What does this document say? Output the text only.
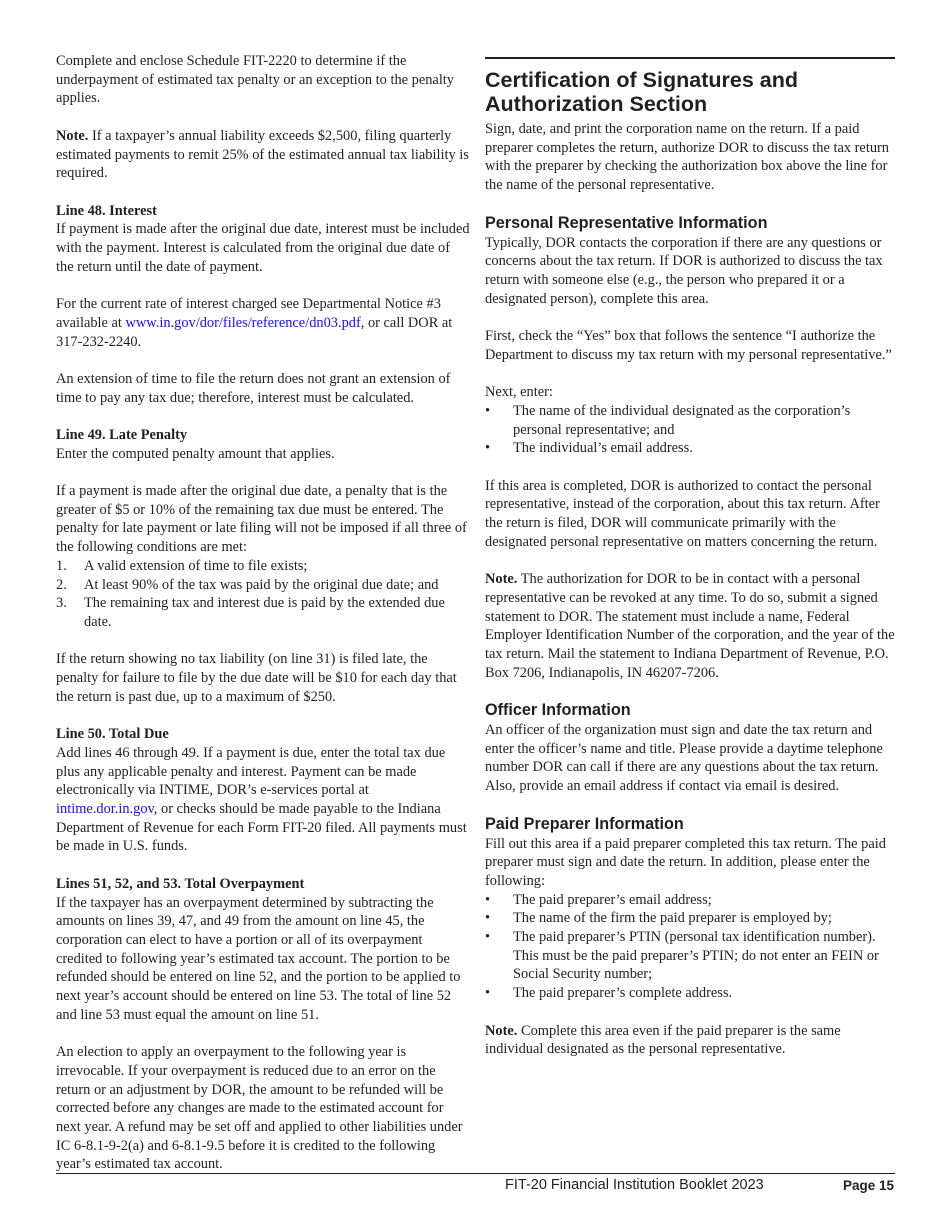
Complete and enclose Schedule FIT-2220 to determine if the underpayment of estimated tax penalty or an exception to the penalty applies.

Note. If a taxpayer’s annual liability exceeds $2,500, filing quarterly estimated payments to remit 25% of the estimated annual tax liability is required.

Line 48. Interest
If payment is made after the original due date, interest must be included with the payment. Interest is calculated from the original due date of the return until the date of payment.

For the current rate of interest charged see Departmental Notice #3 available at www.in.gov/dor/files/reference/dn03.pdf, or call DOR at 317-232-2240.

An extension of time to file the return does not grant an extension of time to pay any tax due; therefore, interest must be calculated.

Line 49. Late Penalty
Enter the computed penalty amount that applies.

If a payment is made after the original due date, a penalty that is the greater of $5 or 10% of the remaining tax due must be entered. The penalty for late payment or late filing will not be imposed if all three of the following conditions are met:

1. A valid extension of time to file exists;
2. At least 90% of the tax was paid by the original due date; and
3. The remaining tax and interest due is paid by the extended due date.

If the return showing no tax liability (on line 31) is filed late, the penalty for failure to file by the due date will be $10 for each day that the return is past due, up to a maximum of $250.

Line 50. Total Due
Add lines 46 through 49. If a payment is due, enter the total tax due plus any applicable penalty and interest. Payment can be made electronically via INTIME, DOR’s e-services portal at intime.dor.in.gov, or checks should be made payable to the Indiana Department of Revenue for each Form FIT-20 filed. All payments must be made in U.S. funds.

Lines 51, 52, and 53. Total Overpayment
If the taxpayer has an overpayment determined by subtracting the amounts on lines 39, 47, and 49 from the amount on line 45, the corporation can elect to have a portion or all of its overpayment credited to following year’s estimated tax account. The portion to be refunded should be entered on line 52, and the portion to be applied to next year’s account should be entered on line 53. The total of line 52 and line 53 must equal the amount on line 51.

An election to apply an overpayment to the following year is irrevocable. If your overpayment is reduced due to an error on the return or an adjustment by DOR, the amount to be refunded will be corrected before any changes are made to the estimated account for next year. A refund may be set off and applied to other liabilities under IC 6-8.1-9-2(a) and 6-8.1-9.5 before it is credited to the following year’s estimated tax account.

Certification of Signatures and Authorization Section

Sign, date, and print the corporation name on the return. If a paid preparer completes the return, authorize DOR to discuss the tax return with the preparer by checking the authorization box above the line for the name of the personal representative.

Personal Representative Information

Typically, DOR contacts the corporation if there are any questions or concerns about the tax return. If DOR is authorized to discuss the tax return with someone else (e.g., the person who prepared it or a designated person), complete this area.

First, check the “Yes” box that follows the sentence “I authorize the Department to discuss my tax return with my personal representative.”

Next, enter:

• The name of the individual designated as the corporation’s personal representative; and
• The individual’s email address.

If this area is completed, DOR is authorized to contact the personal representative, instead of the corporation, about this tax return. After the return is filed, DOR will communicate primarily with the designated personal representative on matters concerning the return.

Note. The authorization for DOR to be in contact with a personal representative can be revoked at any time. To do so, submit a signed statement to DOR. The statement must include a name, Federal Employer Identification Number of the corporation, and the year of the tax return. Mail the statement to Indiana Department of Revenue, P.O. Box 7206, Indianapolis, IN 46207-7206.

Officer Information

An officer of the organization must sign and date the tax return and enter the officer’s name and title. Please provide a daytime telephone number DOR can call if there are any questions about the tax return. Also, provide an email address if contact via email is desired.

Paid Preparer Information

Fill out this area if a paid preparer completed this tax return. The paid preparer must sign and date the return. In addition, please enter the following:

• The paid preparer’s email address;
• The name of the firm the paid preparer is employed by;
• The paid preparer’s PTIN (personal tax identification number). This must be the paid preparer’s PTIN; do not enter an FEIN or Social Security number;
• The paid preparer’s complete address.

Note. Complete this area even if the paid preparer is the same individual designated as the personal representative.

FIT-20 Financial Institution Booklet 2023	Page 15
